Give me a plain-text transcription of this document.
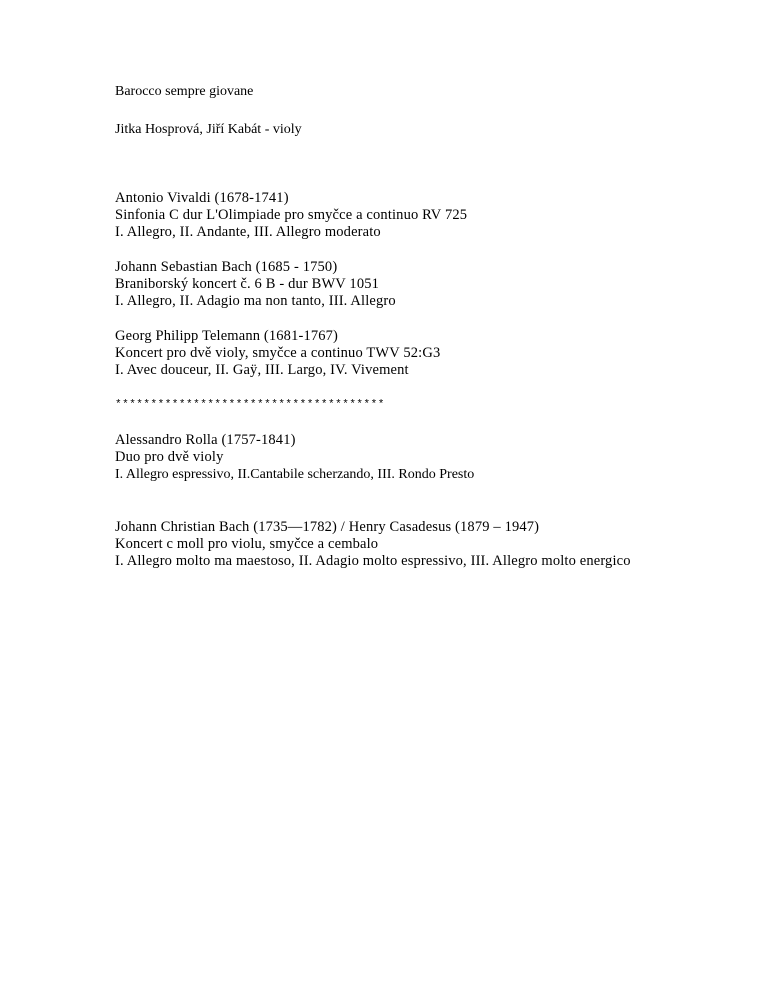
Barocco sempre giovane

Jitka Hosprová, Jiří Kabát - violy

Antonio Vivaldi (1678-1741)

Sinfonia C dur L'Olimpiade pro smyčce a continuo RV 725

I. Allegro, II. Andante, III. Allegro moderato

Johann Sebastian Bach (1685 - 1750)

Braniborský koncert č. 6 B - dur BWV 1051

I. Allegro, II. Adagio ma non tanto, III. Allegro

Georg Philipp Telemann (1681-1767)

Koncert pro dvě violy, smyčce a continuo TWV 52:G3

I. Avec douceur, II. Gaÿ, III. Largo, IV. Vivement

**************************************

Alessandro Rolla (1757-1841)

Duo pro dvě violy

I. Allegro espressivo, II.Cantabile scherzando, III. Rondo Presto

Johann Christian Bach (1735—1782) / Henry Casadesus (1879 – 1947)

Koncert c moll pro violu, smyčce a cembalo

I. Allegro molto ma maestoso, II. Adagio molto espressivo, III. Allegro molto energico
